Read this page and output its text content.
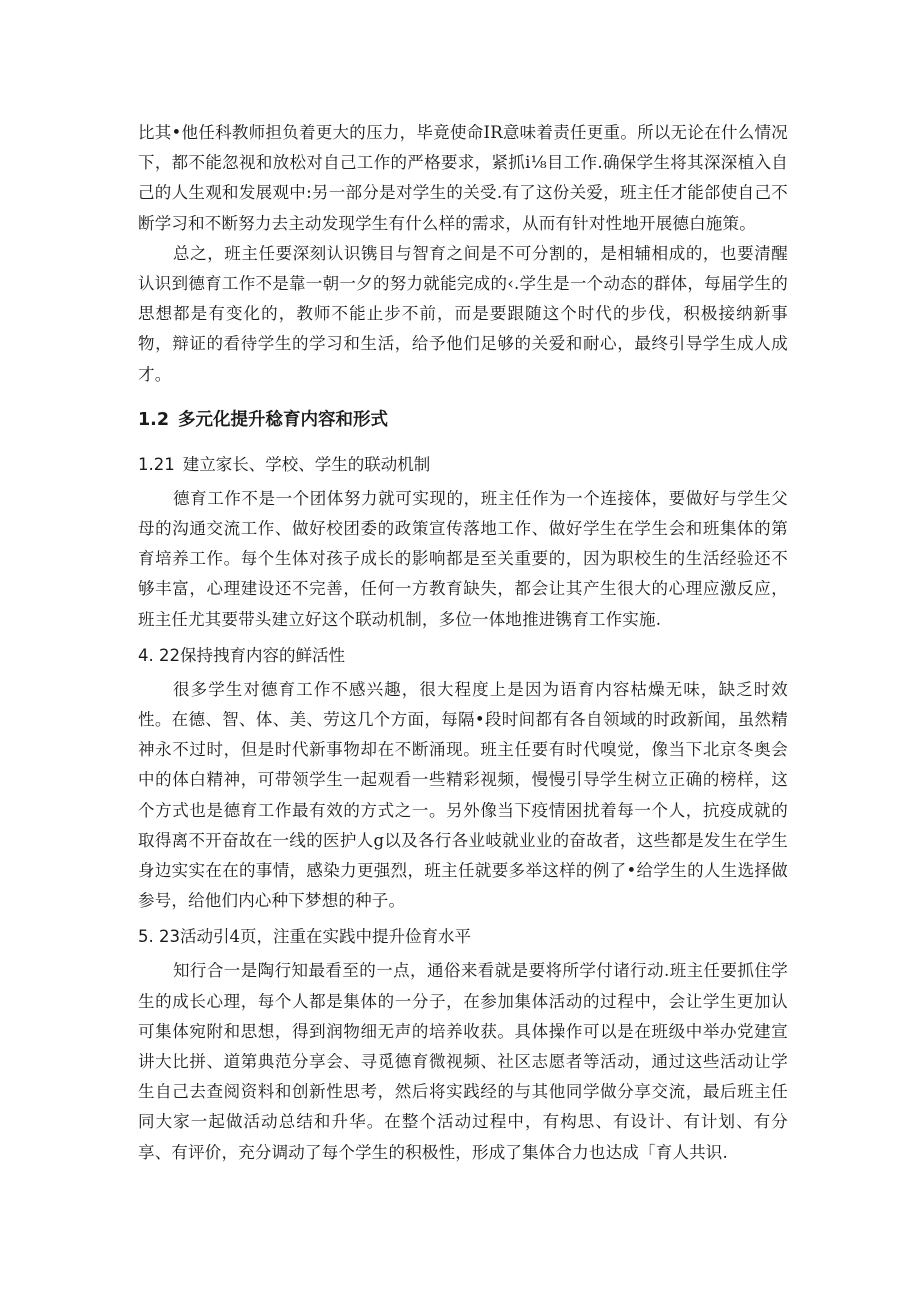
比其•他任科教师担负着更大的压力，毕竟使命IR意味着责任更重。所以无论在什么情况下，都不能忽视和放松对自己工作的严格要求，紧抓i⅛目工作.确保学生将其深深植入自己的人生观和发展观中:另一部分是对学生的关受.有了这份关爱，班主任才能郃使自己不断学习和不断努力去主动发现学生有什么样的需求，从而有针对性地开展德白施策。

总之，班主任要深刻认识镌目与智育之间是不可分割的，是相辅相成的，也要清醒认识到德育工作不是靠一朝一夕的努力就能完成的‹.学生是一个动态的群体，每届学生的思想都是有变化的，教师不能止步不前，而是要跟随这个时代的步伐，积极接纳新事物，辩证的看待学生的学习和生活，给予他们足够的关爱和耐心，最终引导学生成人成才。

1.2 多元化提升稔育内容和形式
1.21 建立家长、学校、学生的联动机制

德育工作不是一个团体努力就可实现的，班主任作为一个连接体，要做好与学生父母的沟通交流工作、做好校团委的政策宣传落地工作、做好学生在学生会和班集体的第育培养工作。每个生体对孩子成长的影响都是至关重要的，因为职校生的生活经验还不够丰富，心理建设还不完善，任何一方教育缺失，都会让其产生很大的心理应激反应，班主任尤其要带头建立好这个联动机制，多位一体地推进镌育工作实施.

4. 22保持拽育内容的鲜活性

很多学生对德育工作不感兴趣，很大程度上是因为语育内容枯燥无味，缺乏时效性。在德、智、体、美、劳这几个方面，每隔•段时间都有各自领域的时政新闻，虽然精神永不过时，但是时代新事物却在不断涌现。班主任要有时代嗅觉，像当下北京冬奥会中的体白精神，可带领学生一起观看一些精彩视频，慢慢引导学生树立正确的榜样，这个方式也是德育工作最有效的方式之一。另外像当下疫情困扰着每一个人，抗疫成就的取得离不开奋故在一线的医护人g以及各行各业岐就业业的奋故者，这些都是发生在学生身边实实在在的事情，感染力更强烈，班主任就要多举这样的例了•给学生的人生选择做参号，给他们内心种下梦想的种子。

5. 23活动引4页，注重在实践中提升俭育水平

知行合一是陶行知最看至的一点，通俗来看就是要将所学付诸行动.班主任要抓住学生的成长心理，每个人都是集体的一分子，在参加集体活动的过程中，会让学生更加认可集体宛附和思想，得到润物细无声的培养收获。具体操作可以是在班级中举办党建宣讲大比拼、道第典范分享会、寻觅德育微视频、社区志愿者等活动，通过这些活动让学生自己去查阅资料和创新性思考，然后将实践经的与其他同学做分享交流，最后班主任同大家一起做活动总结和升华。在整个活动过程中，有构思、有设计、有计划、有分享、有评价，充分调动了每个学生的积极性，形成了集体合力也达成「育人共识.
